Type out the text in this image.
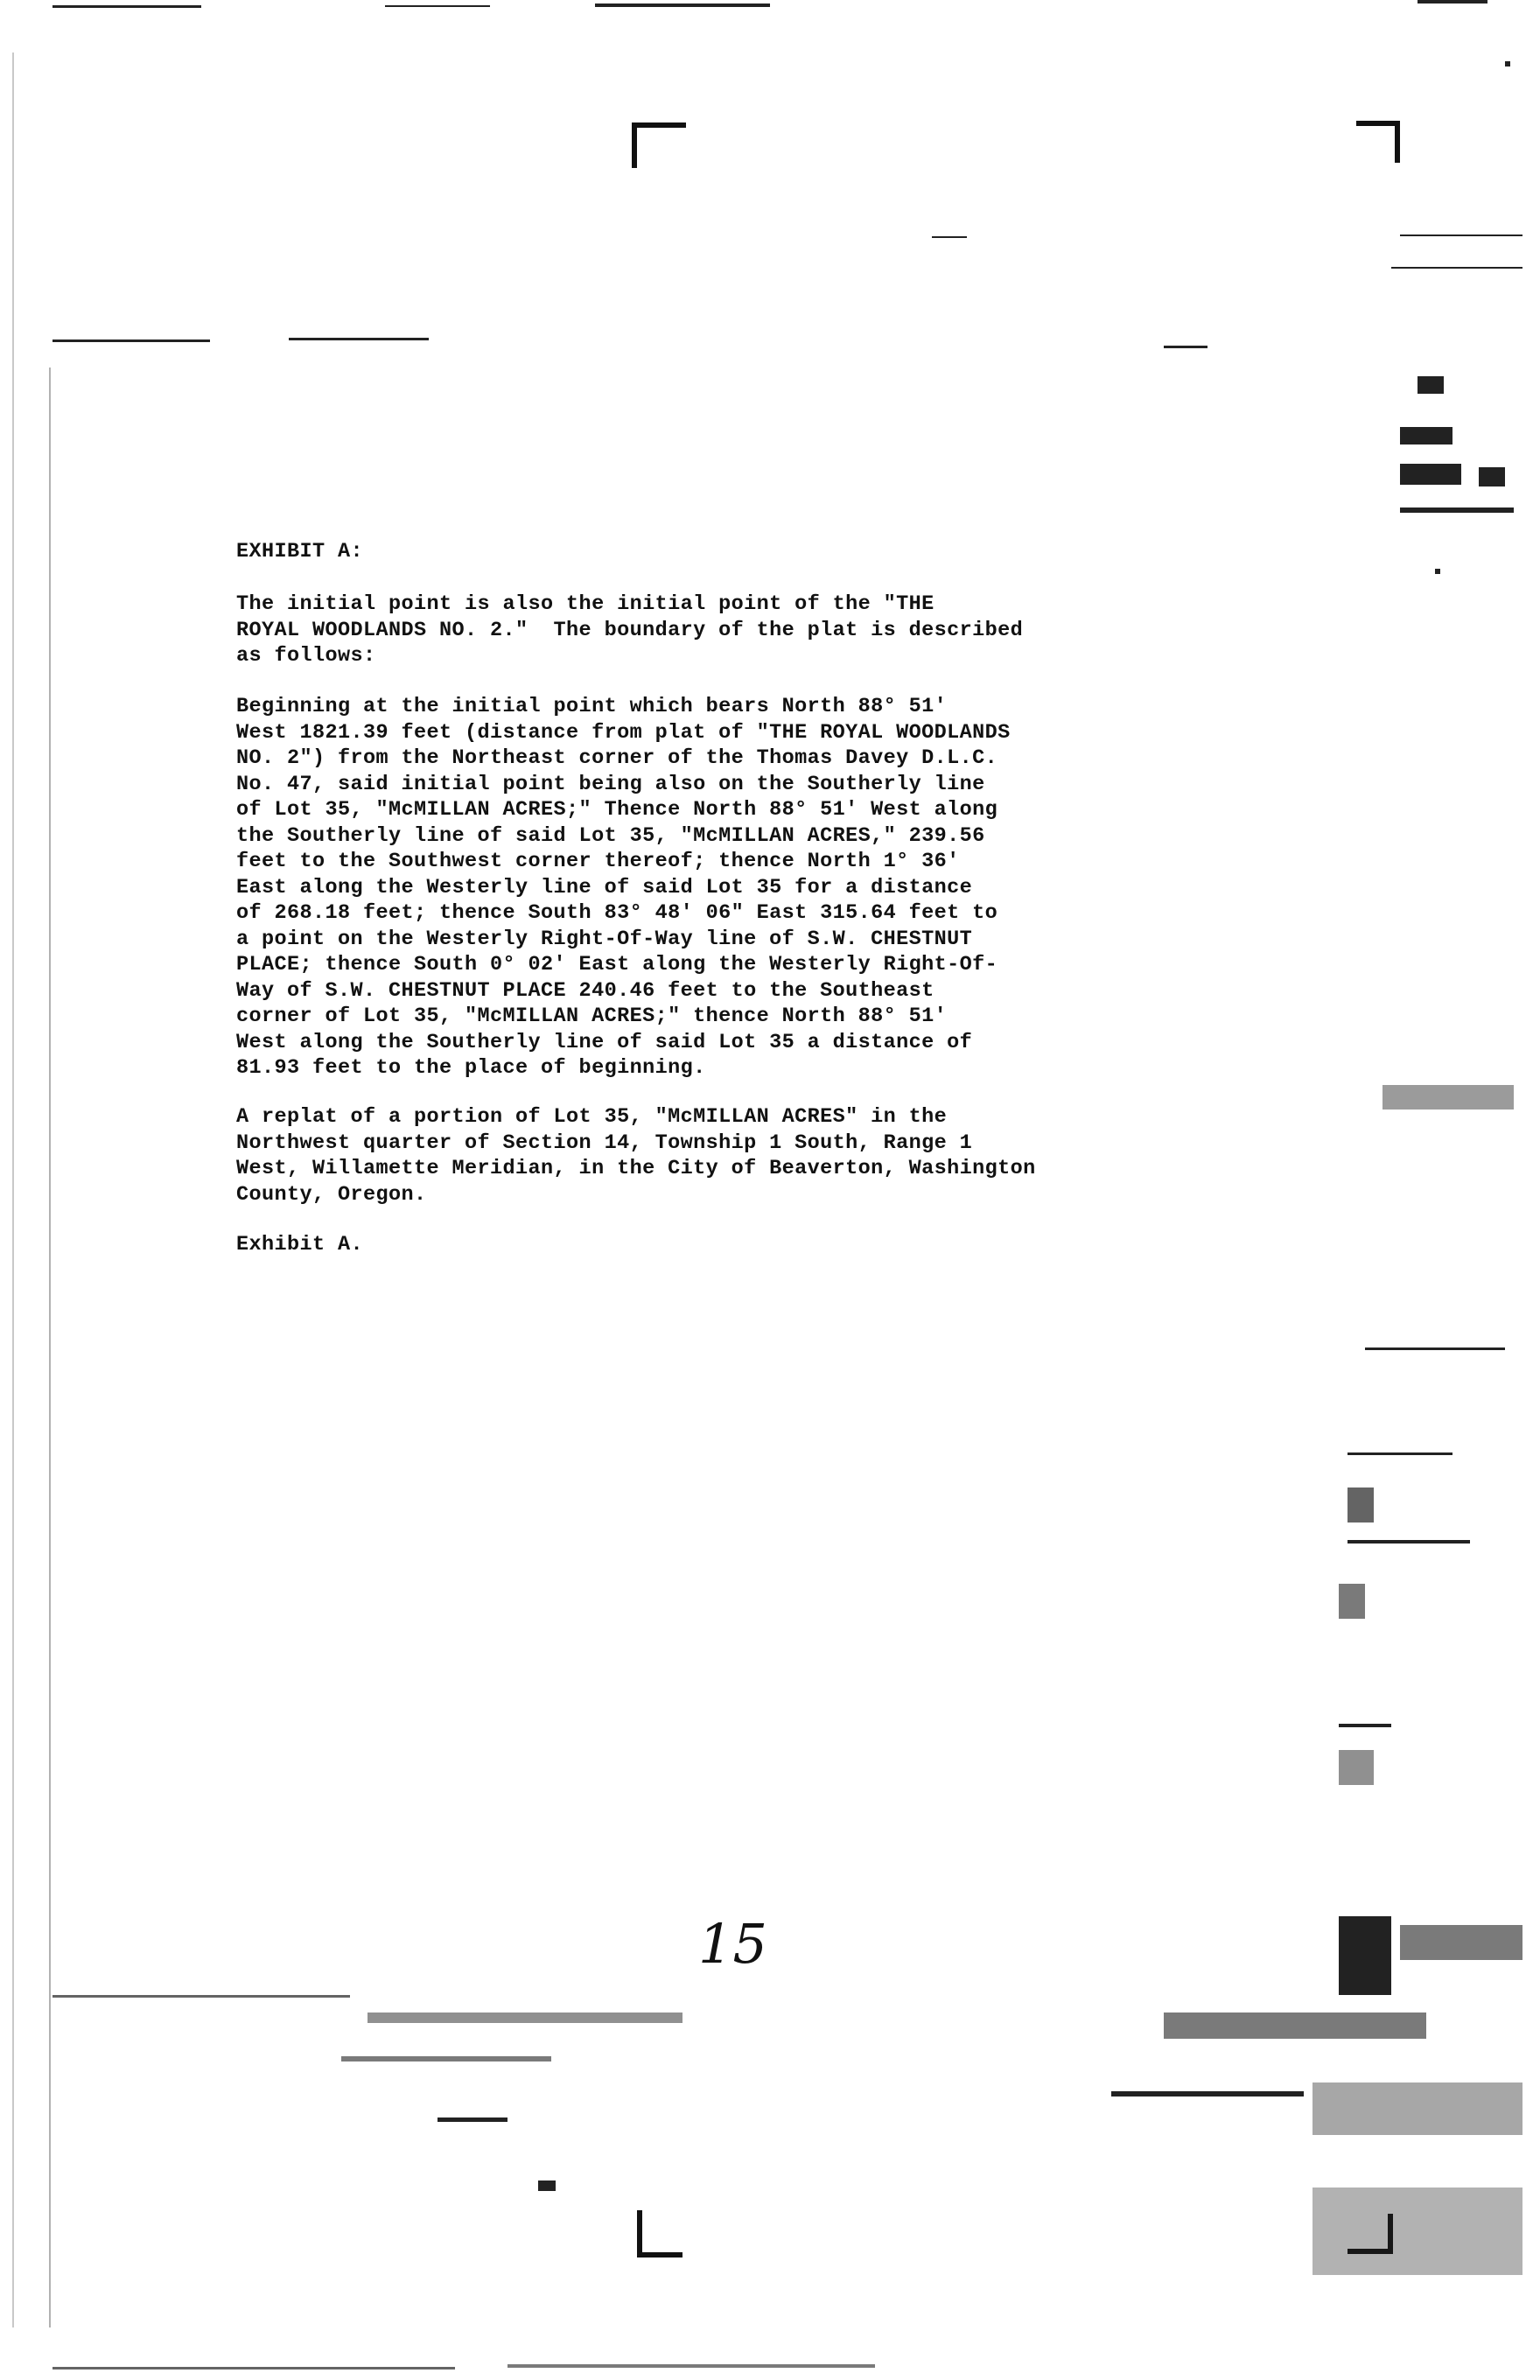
EXHIBIT A:
The initial point is also the initial point of the "THE
ROYAL WOODLANDS NO. 2."  The boundary of the plat is described
as follows:
Beginning at the initial point which bears North 88° 51'
West 1821.39 feet (distance from plat of "THE ROYAL WOODLANDS
NO. 2") from the Northeast corner of the Thomas Davey D.L.C.
No. 47, said initial point being also on the Southerly line
of Lot 35, "McMILLAN ACRES;" Thence North 88° 51' West along
the Southerly line of said Lot 35, "McMILLAN ACRES," 239.56
feet to the Southwest corner thereof; thence North 1° 36'
East along the Westerly line of said Lot 35 for a distance
of 268.18 feet; thence South 83° 48' 06" East 315.64 feet to
a point on the Westerly Right-Of-Way line of S.W. CHESTNUT
PLACE; thence South 0° 02' East along the Westerly Right-Of-
Way of S.W. CHESTNUT PLACE 240.46 feet to the Southeast
corner of Lot 35, "McMILLAN ACRES;" thence North 88° 51'
West along the Southerly line of said Lot 35 a distance of
81.93 feet to the place of beginning.
A replat of a portion of Lot 35, "McMILLAN ACRES" in the
Northwest quarter of Section 14, Township 1 South, Range 1
West, Willamette Meridian, in the City of Beaverton, Washington
County, Oregon.
Exhibit A.
15
